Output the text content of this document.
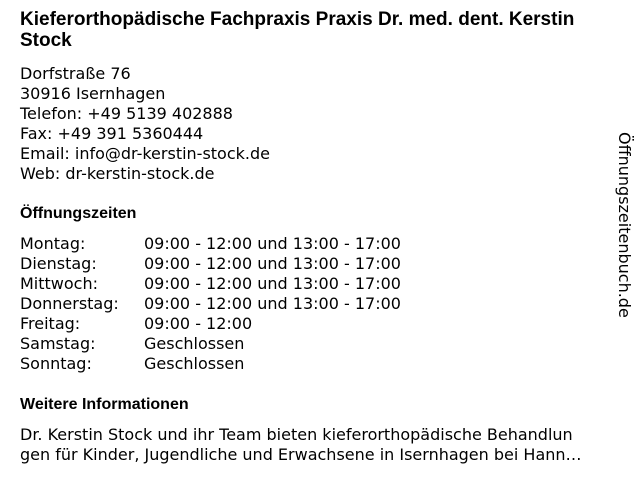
Kieferorthopädische Fachpraxis Praxis Dr. med. dent. Kerstin Stock
Dorfstraße 76
30916 Isernhagen
Telefon: +49 5139 402888
Fax: +49 391 5360444
Email: info@dr-kerstin-stock.de
Web: dr-kerstin-stock.de
Öffnungszeiten
Montag:	09:00 - 12:00 und 13:00 - 17:00
Dienstag:	09:00 - 12:00 und 13:00 - 17:00
Mittwoch:	09:00 - 12:00 und 13:00 - 17:00
Donnerstag:	09:00 - 12:00 und 13:00 - 17:00
Freitag:	09:00 - 12:00
Samstag:	Geschlossen
Sonntag:	Geschlossen
Weitere Informationen
Dr. Kerstin Stock und ihr Team bieten kieferorthopädische Behandlun
gen für Kinder, Jugendliche und Erwachsene in Isernhagen bei Hann…
Öffnungszeitenbuch.de
